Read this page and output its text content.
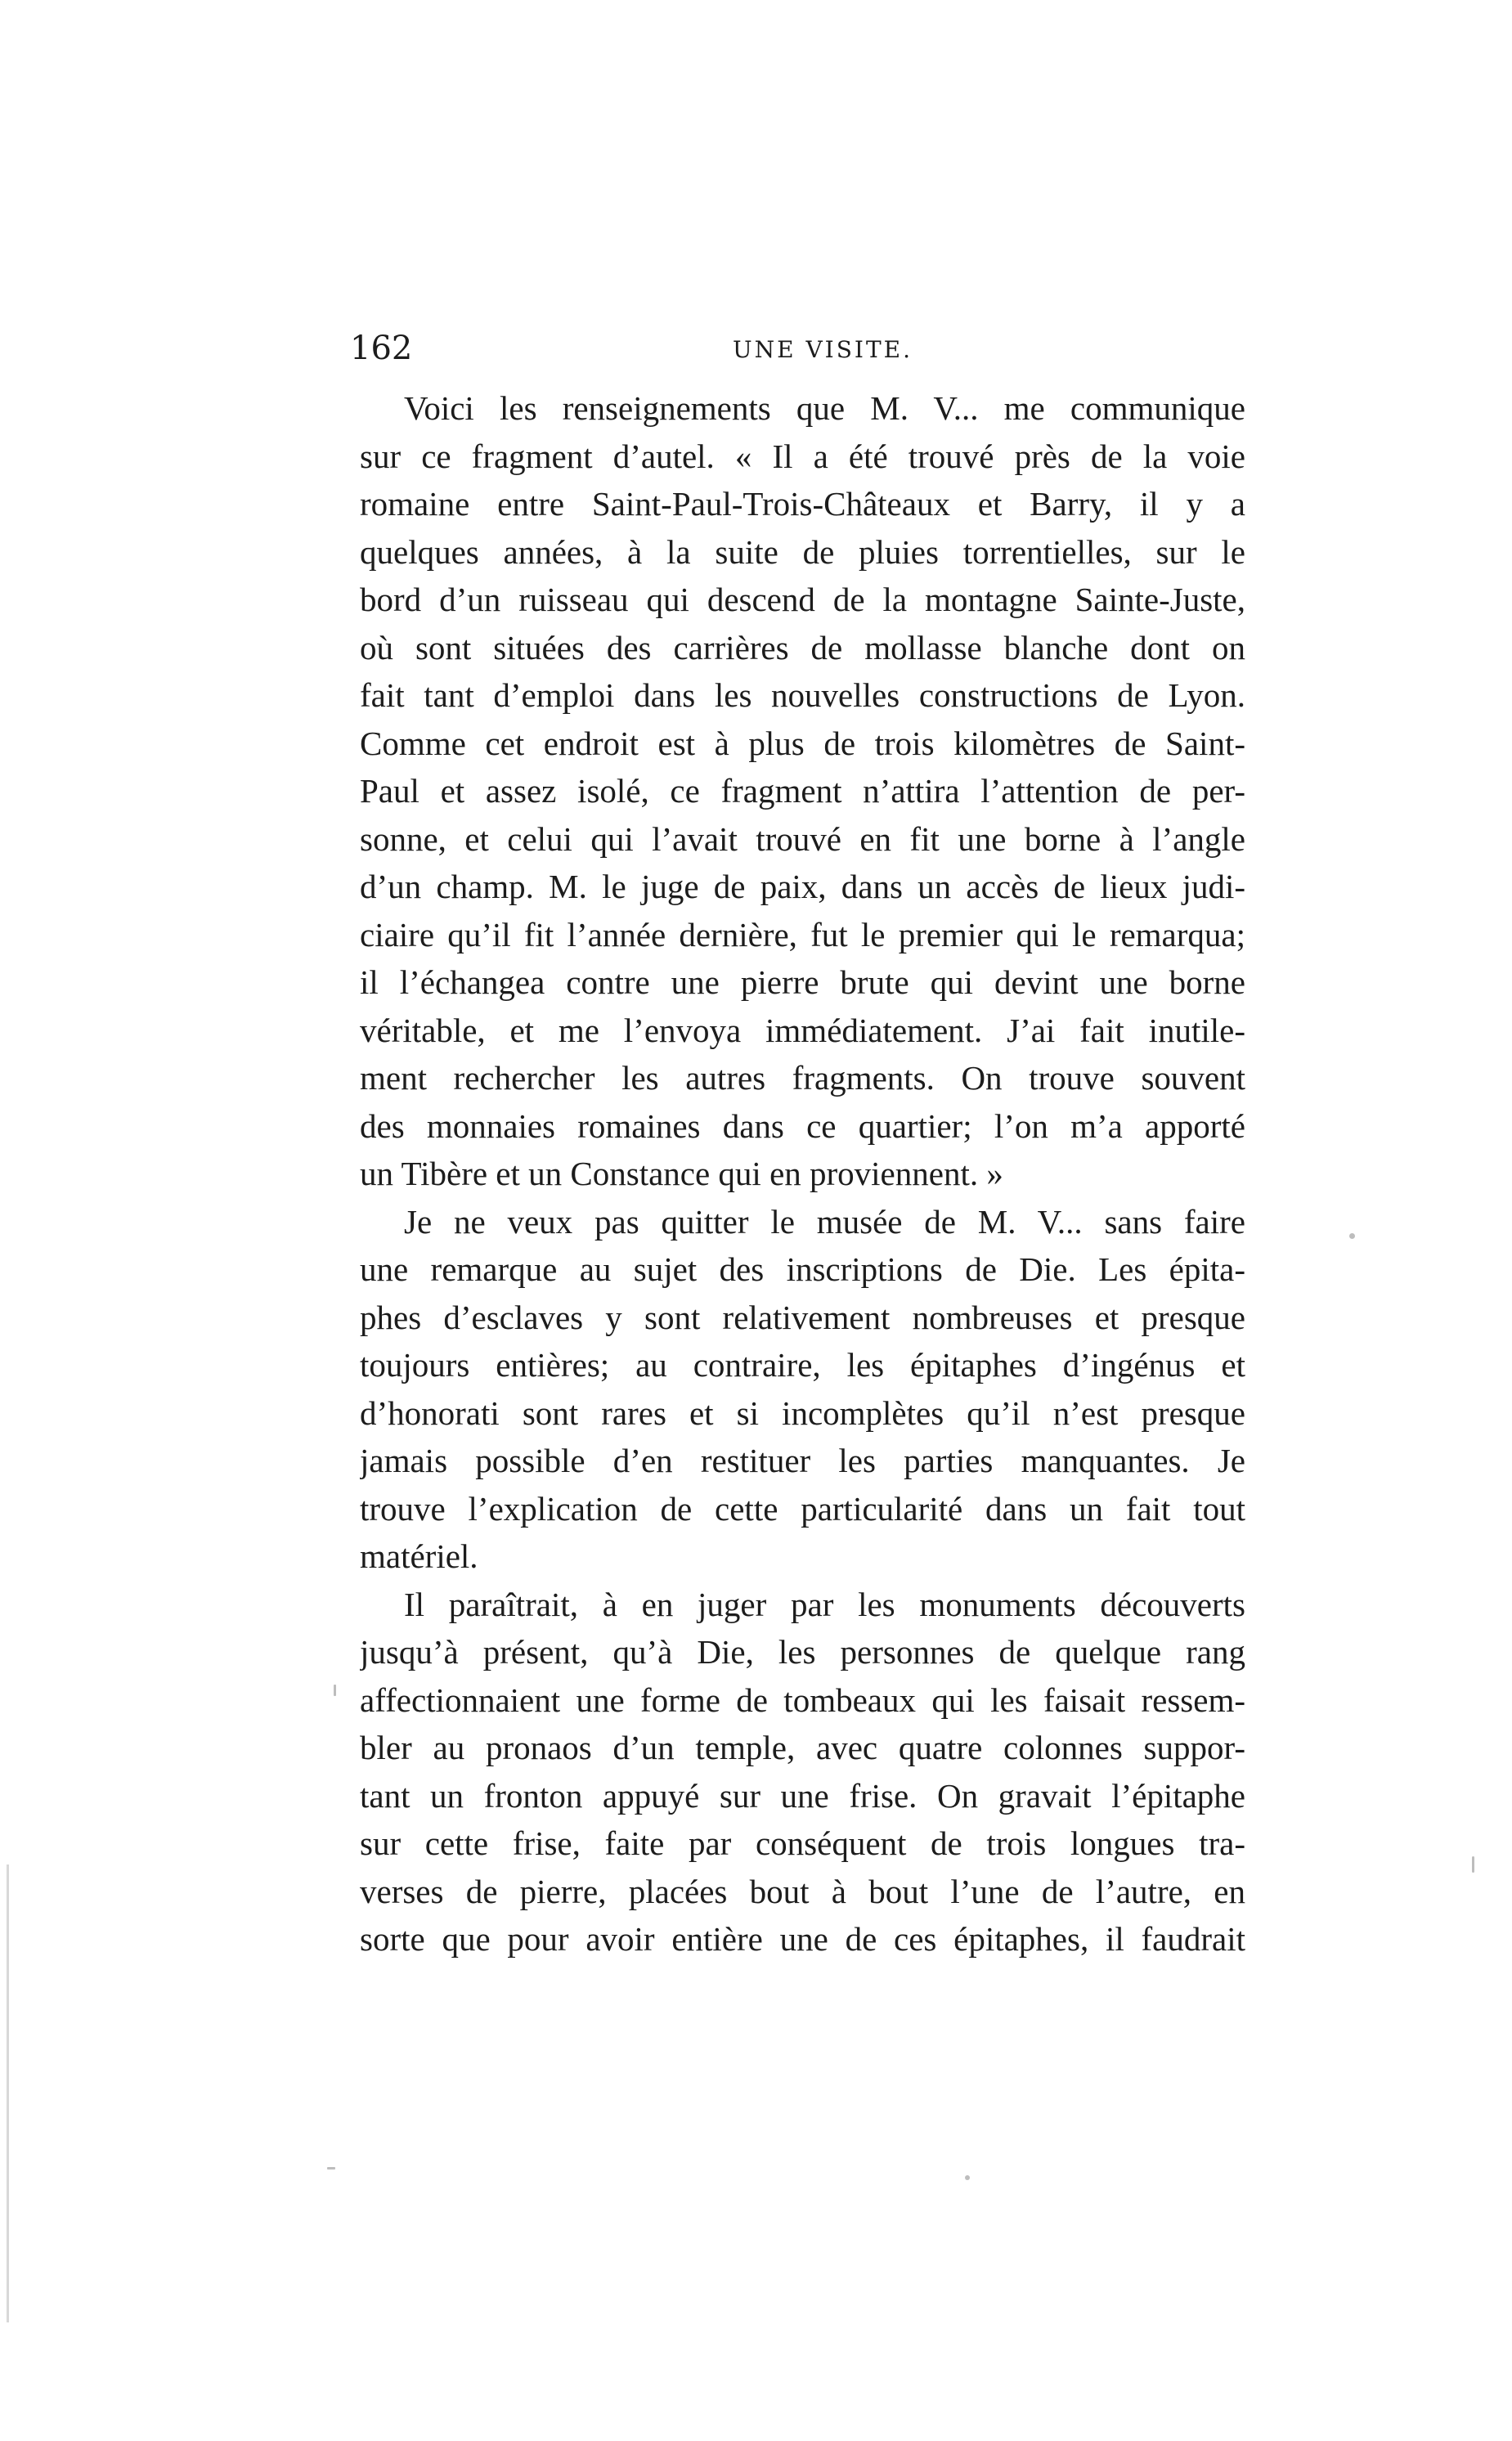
162	UNE VISITE.
Voici les renseignements que M. V... me communique
sur ce fragment d’autel. « Il a été trouvé près de la voie
romaine entre Saint-Paul-Trois-Châteaux et Barry, il y a
quelques années, à la suite de pluies torrentielles, sur le
bord d’un ruisseau qui descend de la montagne Sainte-Juste,
où sont situées des carrières de mollasse blanche dont on
fait tant d’emploi dans les nouvelles constructions de Lyon.
Comme cet endroit est à plus de trois kilomètres de Saint-
Paul et assez isolé, ce fragment n’attira l’attention de per-
sonne, et celui qui l’avait trouvé en fit une borne à l’angle
d’un champ. M. le juge de paix, dans un accès de lieux judi-
ciaire qu’il fit l’année dernière, fut le premier qui le remarqua;
il l’échangea contre une pierre brute qui devint une borne
véritable, et me l’envoya immédiatement. J’ai fait inutile-
ment rechercher les autres fragments. On trouve souvent
des monnaies romaines dans ce quartier; l’on m’a apporté
un Tibère et un Constance qui en proviennent. »
Je ne veux pas quitter le musée de M. V... sans faire
une remarque au sujet des inscriptions de Die. Les épita-
phes d’esclaves y sont relativement nombreuses et presque
toujours entières; au contraire, les épitaphes d’ingénus et
d’honorati sont rares et si incomplètes qu’il n’est presque
jamais possible d’en restituer les parties manquantes. Je
trouve l’explication de cette particularité dans un fait tout
matériel.
Il paraîtrait, à en juger par les monuments découverts
jusqu’à présent, qu’à Die, les personnes de quelque rang
affectionnaient une forme de tombeaux qui les faisait ressem-
bler au pronaos d’un temple, avec quatre colonnes suppor-
tant un fronton appuyé sur une frise. On gravait l’épitaphe
sur cette frise, faite par conséquent de trois longues tra-
verses de pierre, placées bout à bout l’une de l’autre, en
sorte que pour avoir entière une de ces épitaphes, il faudrait
